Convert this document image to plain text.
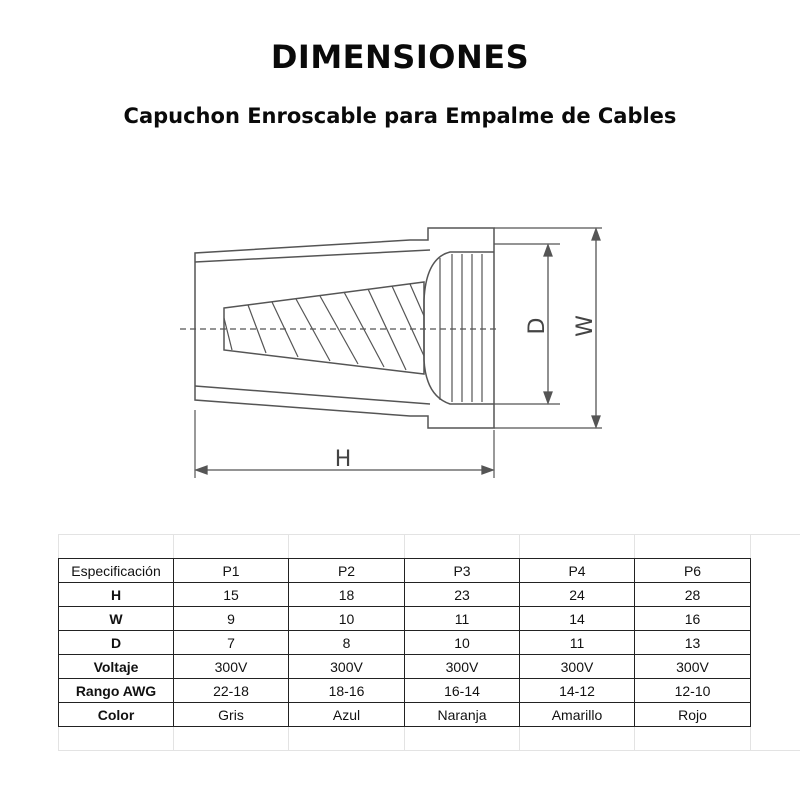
DIMENSIONES
Capuchon Enroscable para Empalme de Cables
H
D W
Especificación	P1	P2	P3	P4	P6
H	15	18	23	24	28
W	9	10	11	14	16
D	7	8	10	11	13
Voltaje	300V	300V	300V	300V	300V
Rango AWG	22-18	18-16	16-14	14-12	12-10
Color	Gris	Azul	Naranja	Amarillo	Rojo
